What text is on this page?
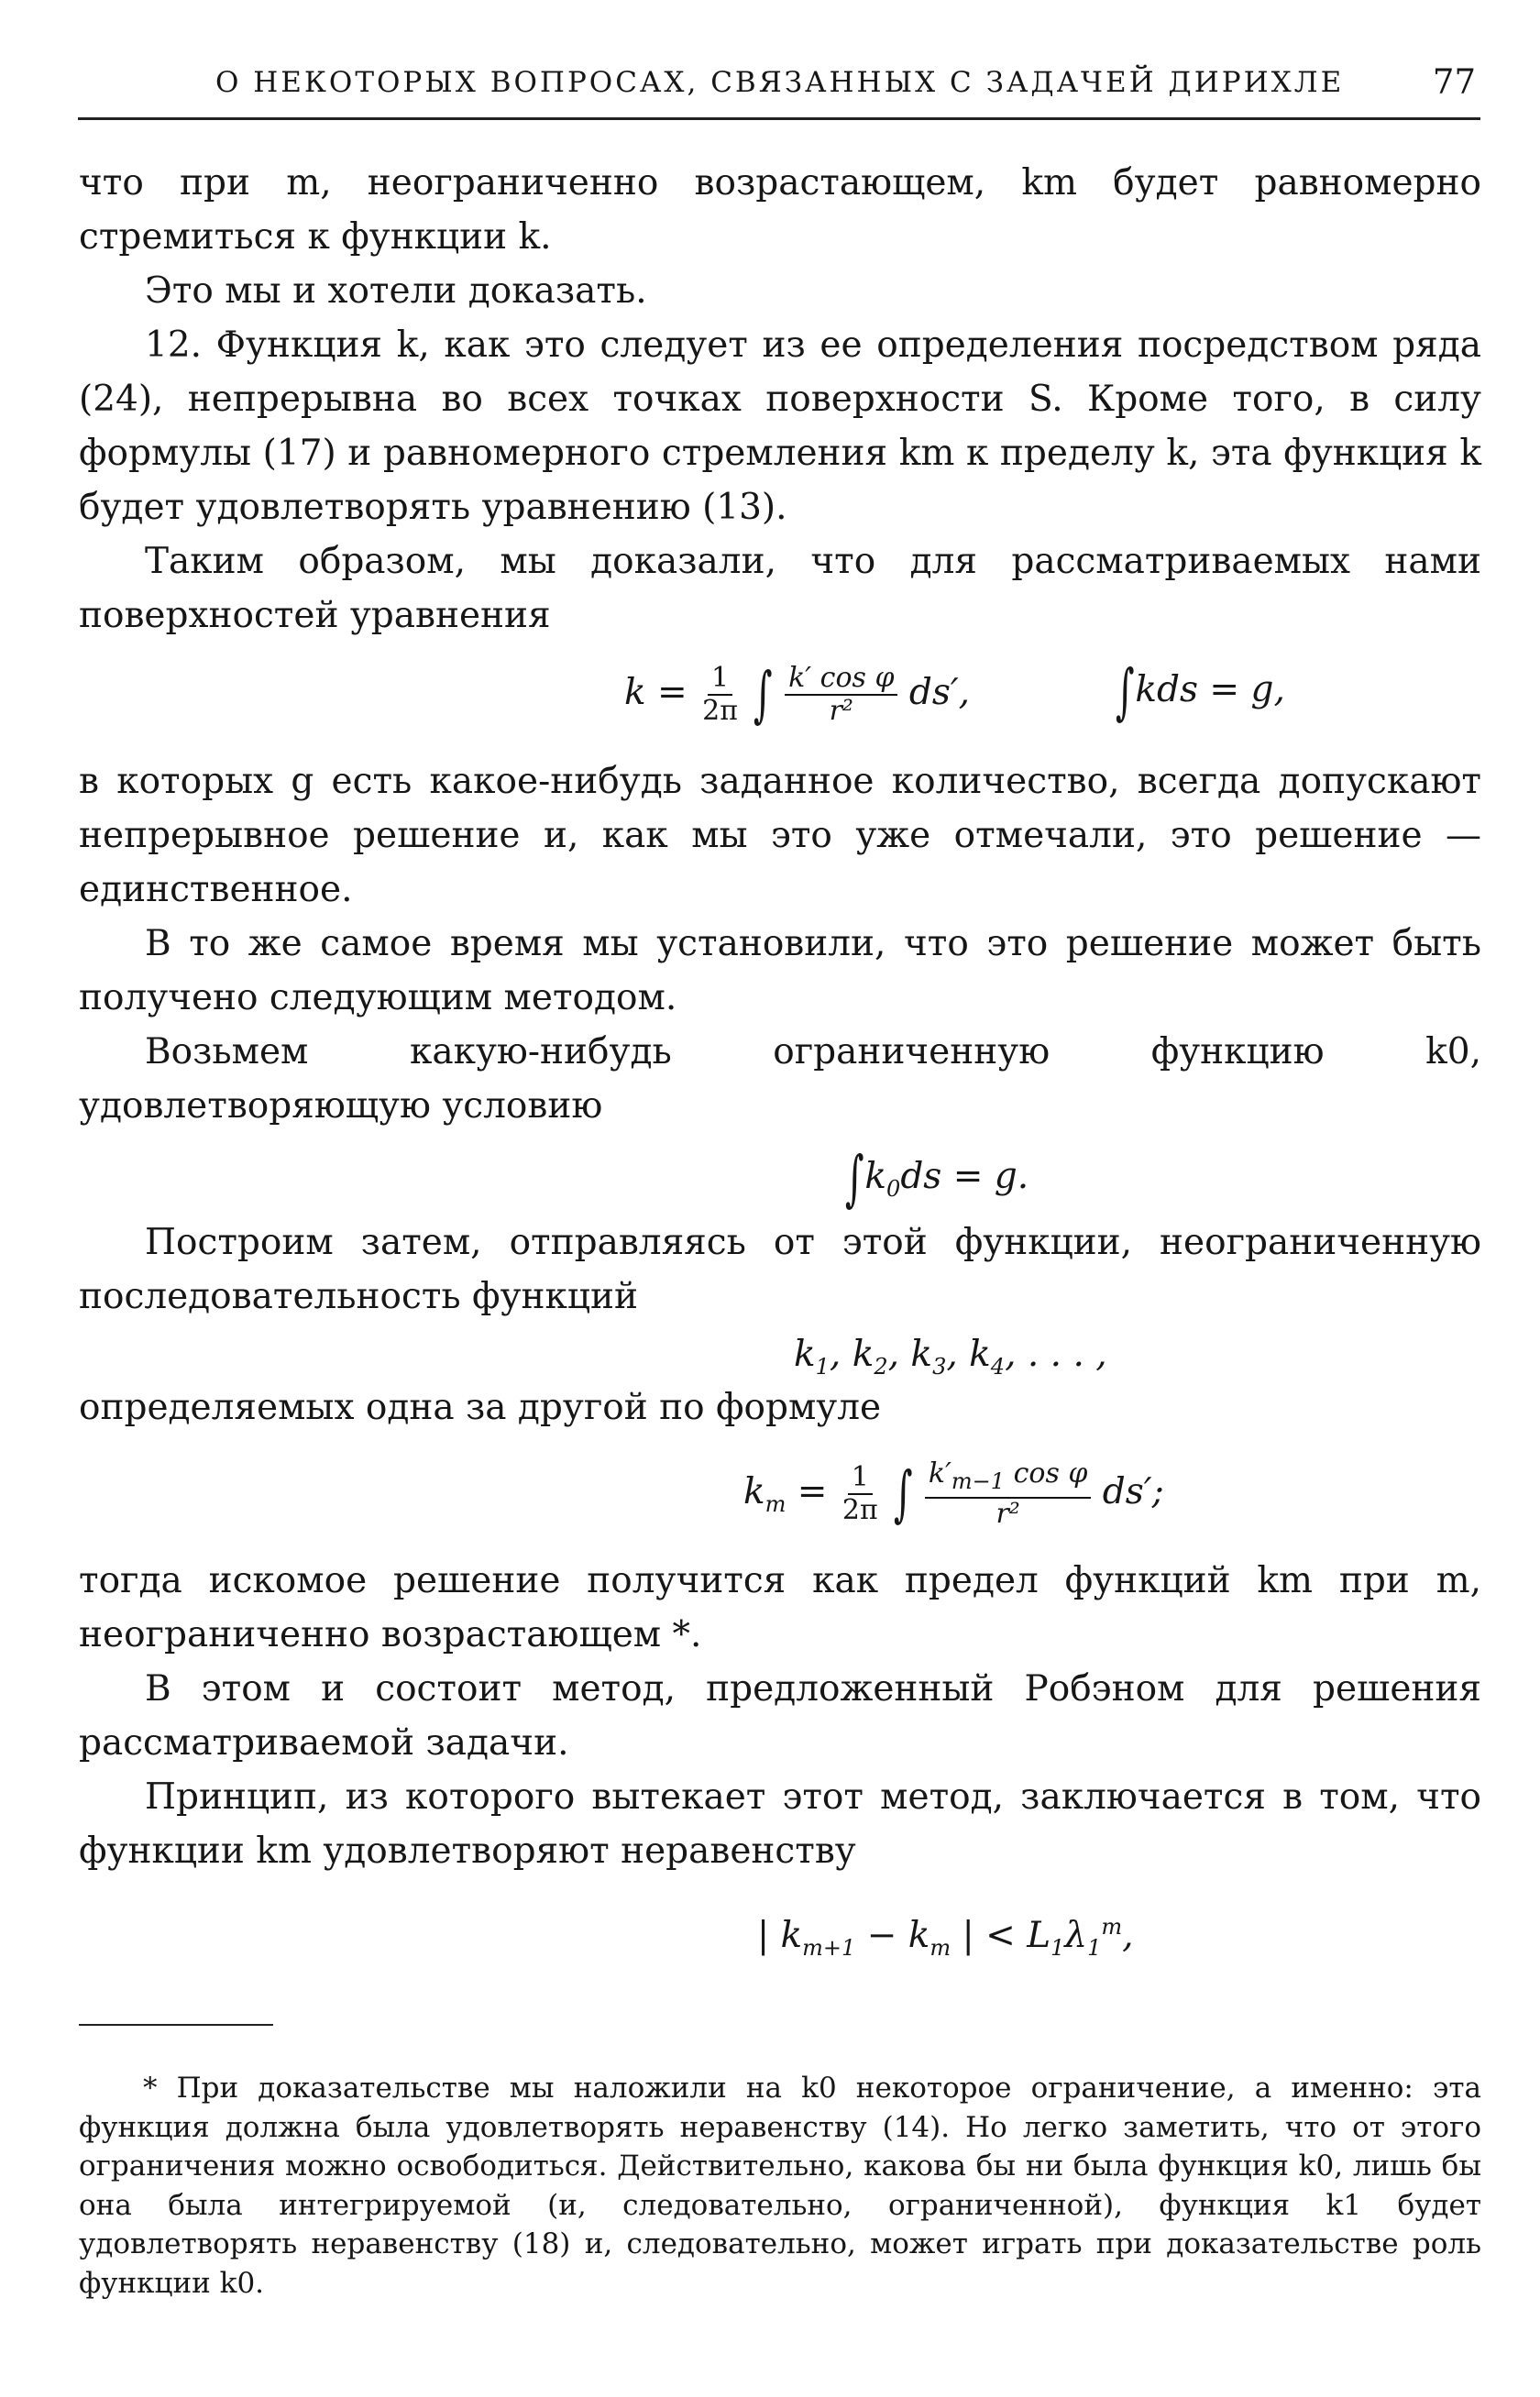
О НЕКОТОРЫХ ВОПРОСАХ, СВЯЗАННЫХ С ЗАДАЧЕЙ ДИРИХЛЕ	77

что при m, неограниченно возрастающем, km будет равномерно стремиться к функции k.

Это мы и хотели доказать.

12. Функция k, как это следует из ее определения посредством ряда (24), непрерывна во всех точках поверхности S. Кроме того, в силу формулы (17) и равномерного стремления km к пределу k, эта функция k будет удовлетворять уравнению (13).

Таким образом, мы доказали, что для рассматриваемых нами поверхностей уравнения

$k = \frac{1}{2\pi}$ ∫ $\frac{\text{k′ cos φ}}{\text{r²}} ds'$, ∫kds = g,

в которых g есть какое-нибудь заданное количество, всегда допускают непрерывное решение и, как мы это уже отмечали, это решение — единственное.

В то же самое время мы установили, что это решение может быть получено следующим методом.

Возьмем какую-нибудь ограниченную функцию k0, удовлетворяющую условию

$\int k_0ds = g$.

Построим затем, отправляясь от этой функции, неограниченную последовательность функций

$k_1$, $k_2$, $k_3$, $k_4$, . . . ,

определяемых одна за другой по формуле

$k_m = \frac{1}{2\pi}$ ∫ $\frac{k'_{m-1} \cos \varphi}{\text{r²}} ds'$;

тогда искомое решение получится как предел функций km при m, неограниченно возрастающем *.

В этом и состоит метод, предложенный Робэном для решения рассматриваемой задачи.

Принцип, из которого вытекает этот метод, заключается в том, что функции km удовлетворяют неравенству

| $k_{m+1} - k_m$ | < $L_1\lambda_1^m$,

* При доказательстве мы наложили на k0 некоторое ограничение, а именно: эта функция должна была удовлетворять неравенству (14). Но легко заметить, что от этого ограничения можно освободиться. Действительно, какова бы ни была функция k0, лишь бы она была интегрируемой (и, следовательно, ограниченной), функция k1 будет удовлетворять неравенству (18) и, следовательно, может играть при доказательстве роль функции k0.
